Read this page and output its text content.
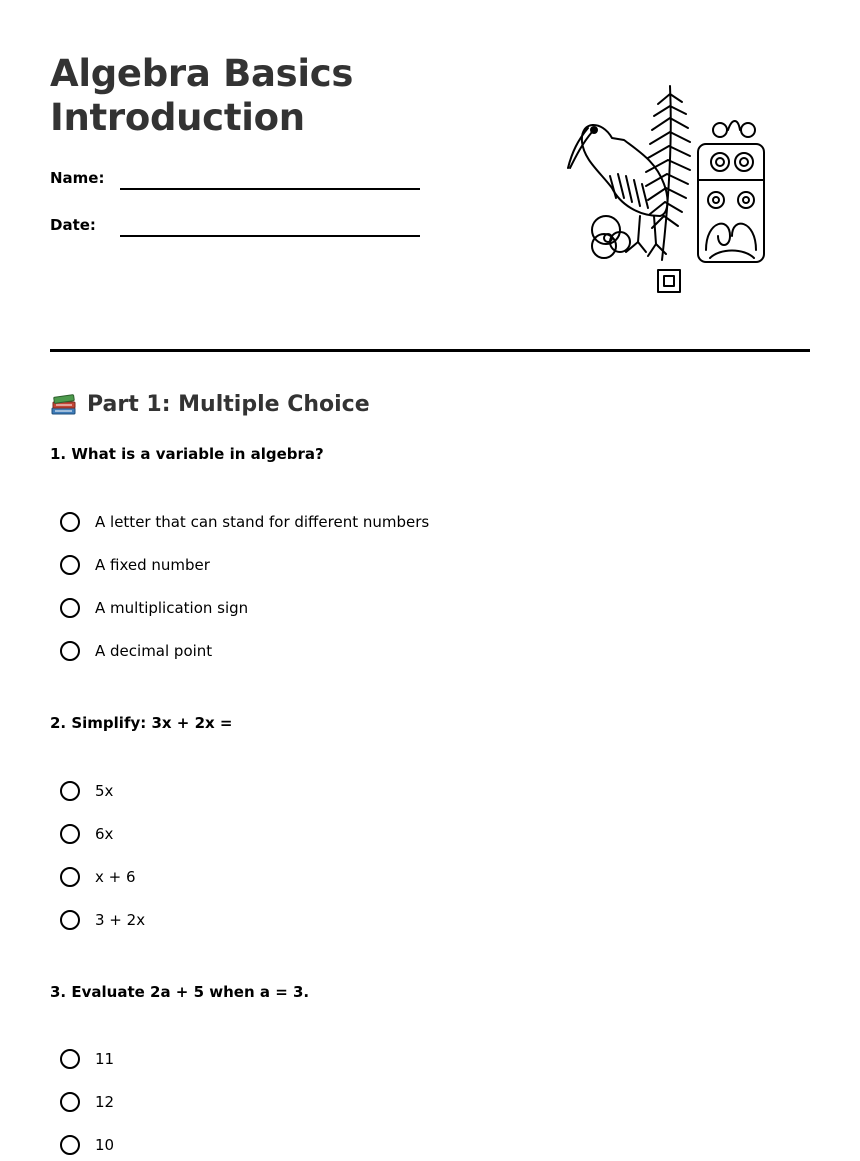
Algebra Basics
Introduction
Name:
Date:
Part 1: Multiple Choice
1. What is a variable in algebra?
A letter that can stand for different numbers
A fixed number
A multiplication sign
A decimal point
2. Simplify: 3x + 2x =
5x
6x
x + 6
3 + 2x
3. Evaluate 2a + 5 when a = 3.
11
12
10
